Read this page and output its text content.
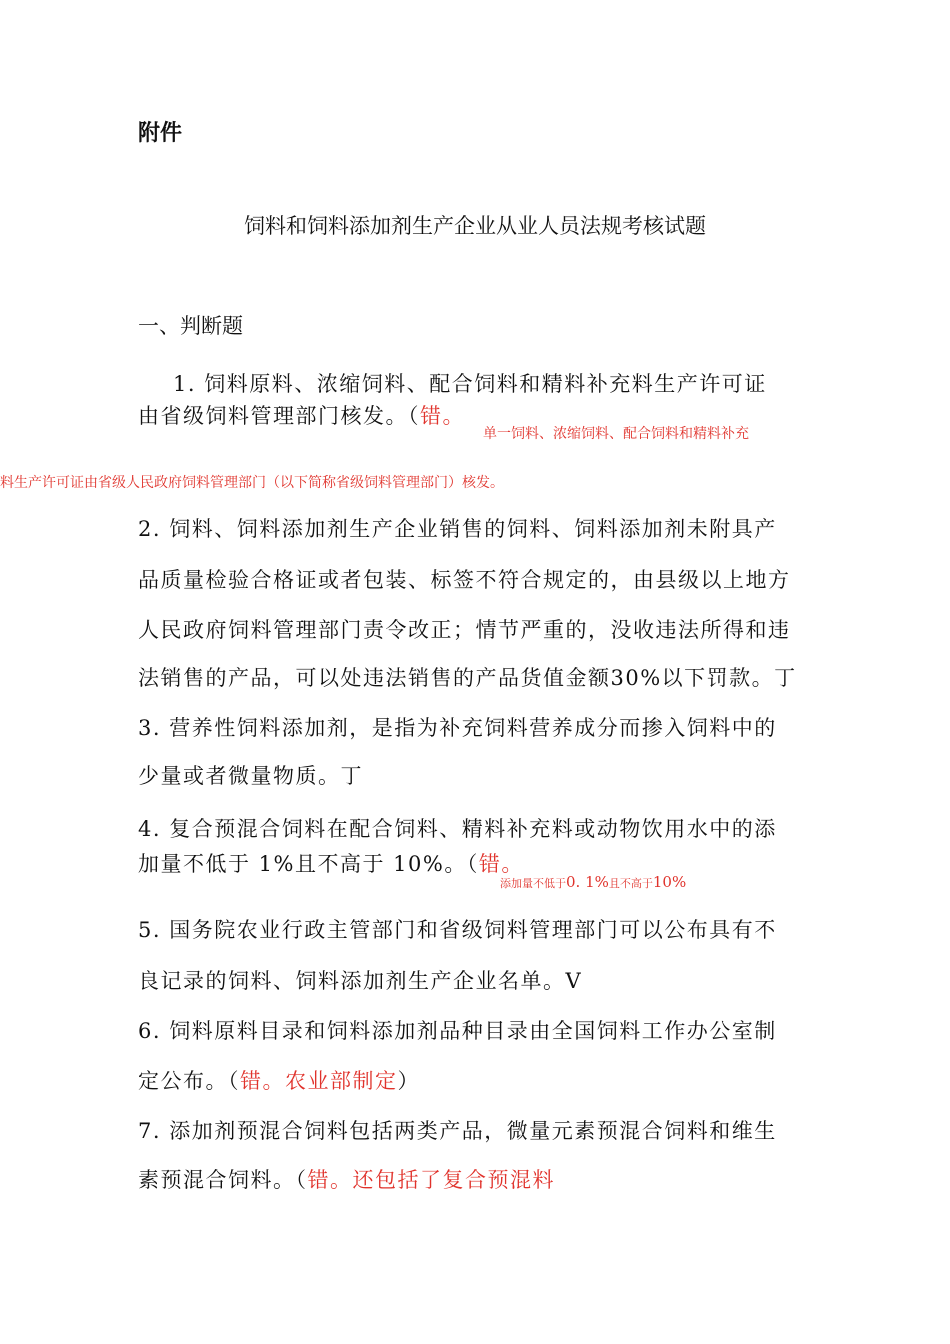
附件
饲料和饲料添加剂生产企业从业人员法规考核试题
一、判断题
1. 饲料原料、浓缩饲料、配合饲料和精料补充料生产许可证
由省级饲料管理部门核发。（错。
单一饲料、浓缩饲料、配合饲料和精料补充
料生产许可证由省级人民政府饲料管理部门（以下简称省级饲料管理部门）核发。
2. 饲料、饲料添加剂生产企业销售的饲料、饲料添加剂未附具产
品质量检验合格证或者包装、标签不符合规定的，由县级以上地方
人民政府饲料管理部门责令改正；情节严重的，没收违法所得和违
法销售的产品，可以处违法销售的产品货值金额30%以下罚款。丁
3. 营养性饲料添加剂，是指为补充饲料营养成分而掺入饲料中的
少量或者微量物质。丁
4. 复合预混合饲料在配合饲料、精料补充料或动物饮用水中的添
加量不低于 1%且不高于 10%。（错。
添加量不低于0. 1%且不高于10%
5. 国务院农业行政主管部门和省级饲料管理部门可以公布具有不
良记录的饲料、饲料添加剂生产企业名单。V
6. 饲料原料目录和饲料添加剂品种目录由全国饲料工作办公室制
定公布。（错。农业部制定）
7. 添加剂预混合饲料包括两类产品，微量元素预混合饲料和维生
素预混合饲料。（错。还包括了复合预混料
